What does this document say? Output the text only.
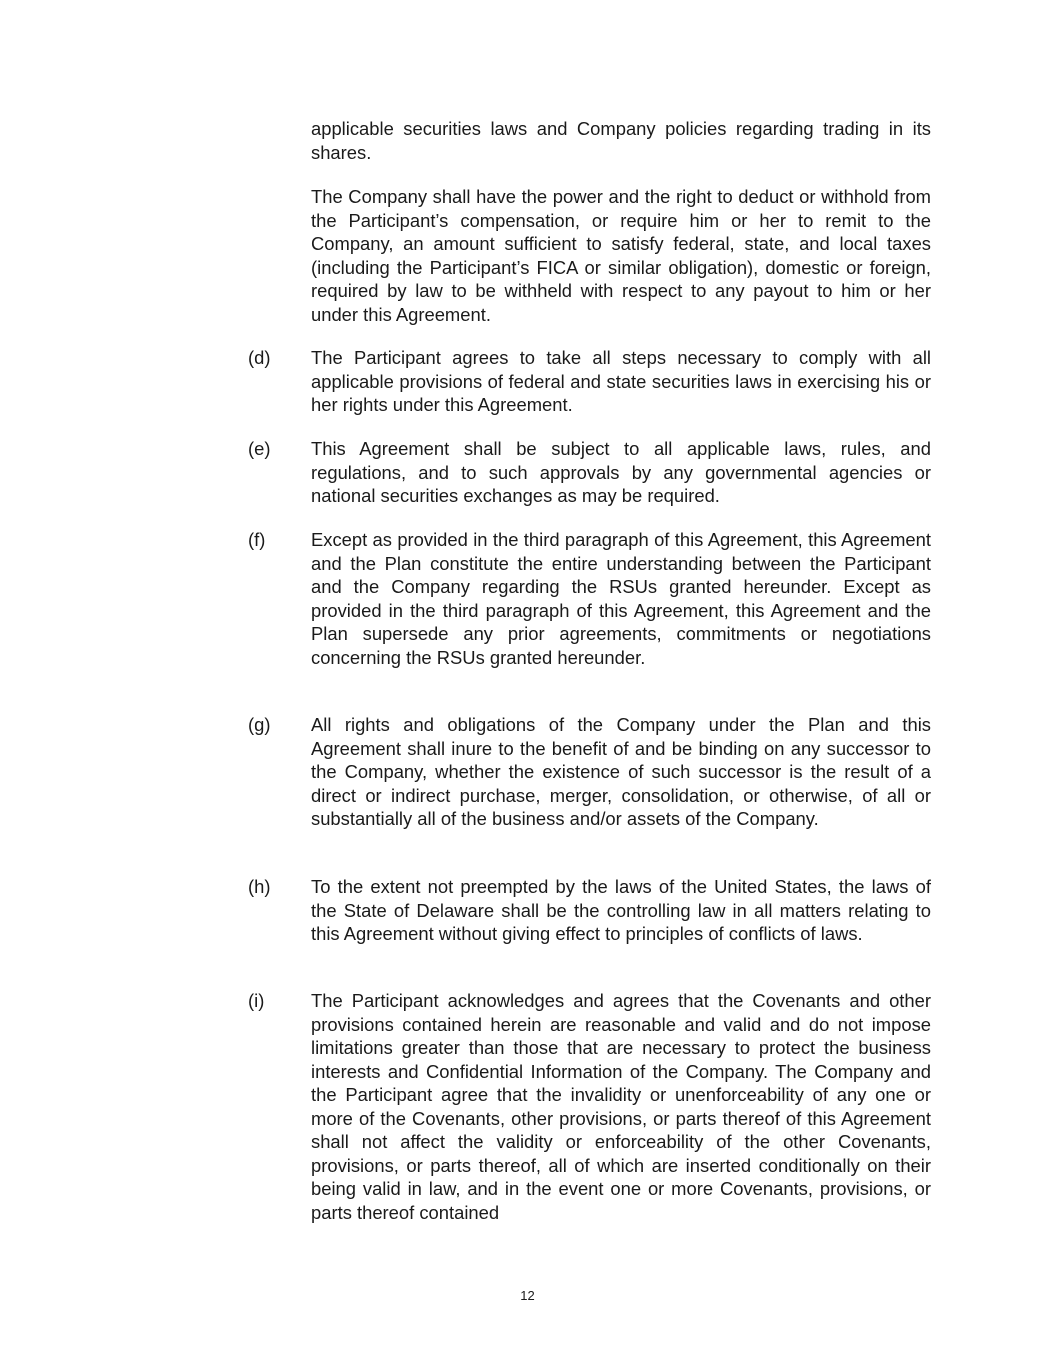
applicable securities laws and Company policies regarding trading in its shares.

The Company shall have the power and the right to deduct or withhold from the Participant’s compensation, or require him or her to remit to the Company, an amount sufficient to satisfy federal, state, and local taxes (including the Participant’s FICA or similar obligation), domestic or foreign, required by law to be withheld with respect to any payout to him or her under this Agreement.

(d) The Participant agrees to take all steps necessary to comply with all applicable provisions of federal and state securities laws in exercising his or her rights under this Agreement.
(e) This Agreement shall be subject to all applicable laws, rules, and regulations, and to such approvals by any governmental agencies or national securities exchanges as may be required.
(f) Except as provided in the third paragraph of this Agreement, this Agreement and the Plan constitute the entire understanding between the Participant and the Company regarding the RSUs granted hereunder. Except as provided in the third paragraph of this Agreement, this Agreement and the Plan supersede any prior agreements, commitments or negotiations concerning the RSUs granted hereunder.
(g) All rights and obligations of the Company under the Plan and this Agreement shall inure to the benefit of and be binding on any successor to the Company, whether the existence of such successor is the result of a direct or indirect purchase, merger, consolidation, or otherwise, of all or substantially all of the business and/or assets of the Company.
(h) To the extent not preempted by the laws of the United States, the laws of the State of Delaware shall be the controlling law in all matters relating to this Agreement without giving effect to principles of conflicts of laws.
(i)	The Participant acknowledges and agrees that the Covenants and other provisions contained herein are reasonable and valid and do not impose limitations greater than those that are necessary to protect the business interests and Confidential Information of the Company. The Company and the Participant agree that the invalidity or unenforceability of any one or more of the Covenants, other provisions, or parts thereof of this Agreement shall not affect the validity or enforceability of the other Covenants, provisions, or parts thereof, all of which are inserted conditionally on their being valid in law, and in the event one or more Covenants, provisions, or parts thereof contained
12
